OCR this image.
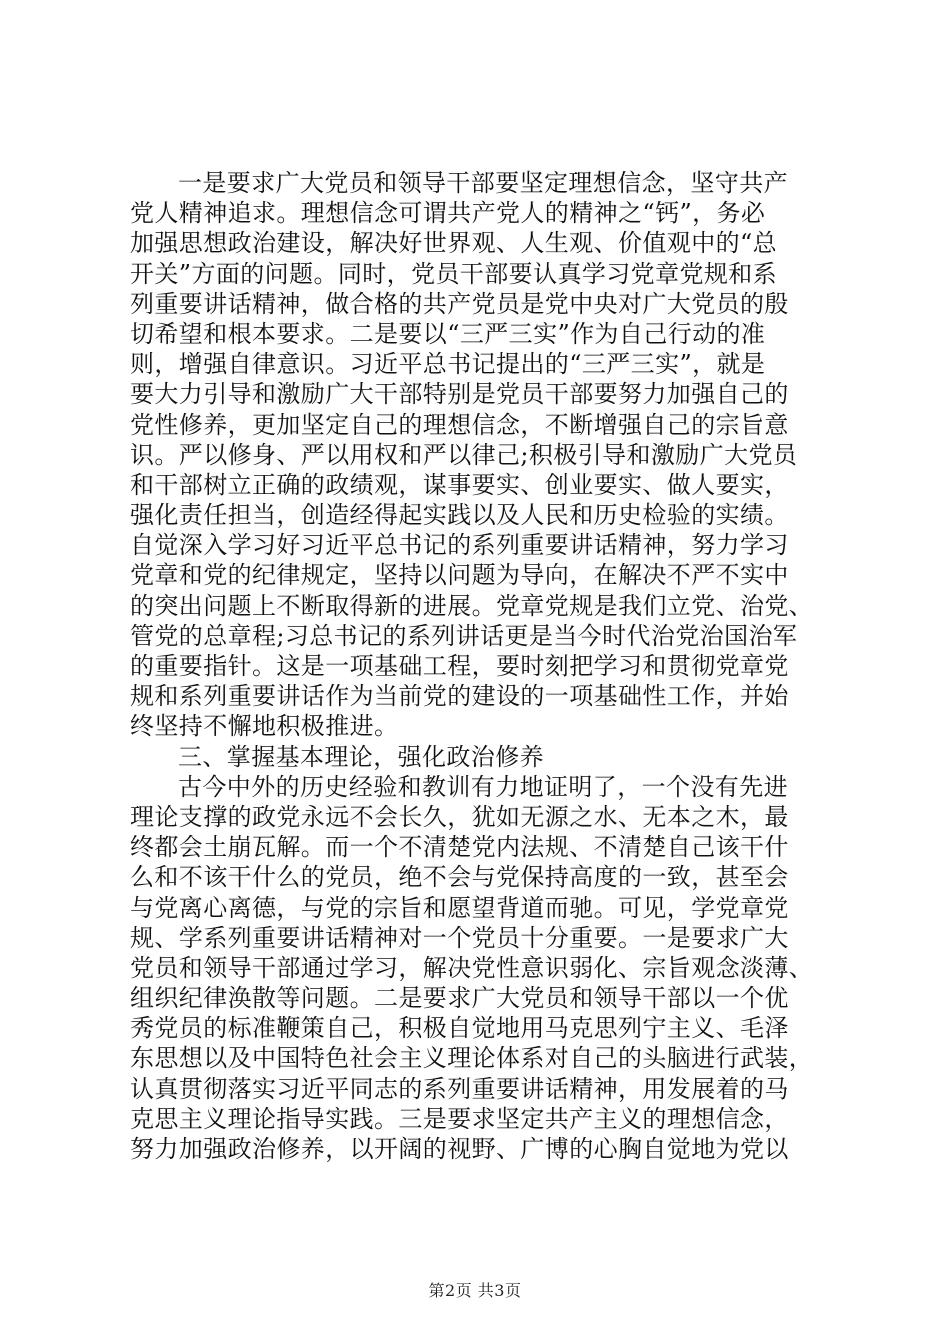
一是要求广大党员和领导干部要坚定理想信念，坚守共产
党人精神追求。理想信念可谓共产党人的精神之“钙”，务必
加强思想政治建设，解决好世界观、人生观、价值观中的“总
开关”方面的问题。同时，党员干部要认真学习党章党规和系
列重要讲话精神，做合格的共产党员是党中央对广大党员的殷
切希望和根本要求。二是要以“三严三实”作为自己行动的准
则，增强自律意识。习近平总书记提出的“三严三实”，就是
要大力引导和激励广大干部特别是党员干部要努力加强自己的
党性修养，更加坚定自己的理想信念，不断增强自己的宗旨意
识。严以修身、严以用权和严以律己;积极引导和激励广大党员
和干部树立正确的政绩观，谋事要实、创业要实、做人要实，
强化责任担当，创造经得起实践以及人民和历史检验的实绩。
自觉深入学习好习近平总书记的系列重要讲话精神，努力学习
党章和党的纪律规定，坚持以问题为导向，在解决不严不实中
的突出问题上不断取得新的进展。党章党规是我们立党、治党、
管党的总章程;习总书记的系列讲话更是当今时代治党治国治军
的重要指针。这是一项基础工程，要时刻把学习和贯彻党章党
规和系列重要讲话作为当前党的建设的一项基础性工作，并始
终坚持不懈地积极推进。
三、掌握基本理论，强化政治修养
古今中外的历史经验和教训有力地证明了，一个没有先进
理论支撑的政党永远不会长久，犹如无源之水、无本之木，最
终都会土崩瓦解。而一个不清楚党内法规、不清楚自己该干什
么和不该干什么的党员，绝不会与党保持高度的一致，甚至会
与党离心离德，与党的宗旨和愿望背道而驰。可见，学党章党
规、学系列重要讲话精神对一个党员十分重要。一是要求广大
党员和领导干部通过学习，解决党性意识弱化、宗旨观念淡薄、
组织纪律涣散等问题。二是要求广大党员和领导干部以一个优
秀党员的标准鞭策自己，积极自觉地用马克思列宁主义、毛泽
东思想以及中国特色社会主义理论体系对自己的头脑进行武装，
认真贯彻落实习近平同志的系列重要讲话精神，用发展着的马
克思主义理论指导实践。三是要求坚定共产主义的理想信念，
努力加强政治修养，以开阔的视野、广博的心胸自觉地为党以
第2页 共3页
